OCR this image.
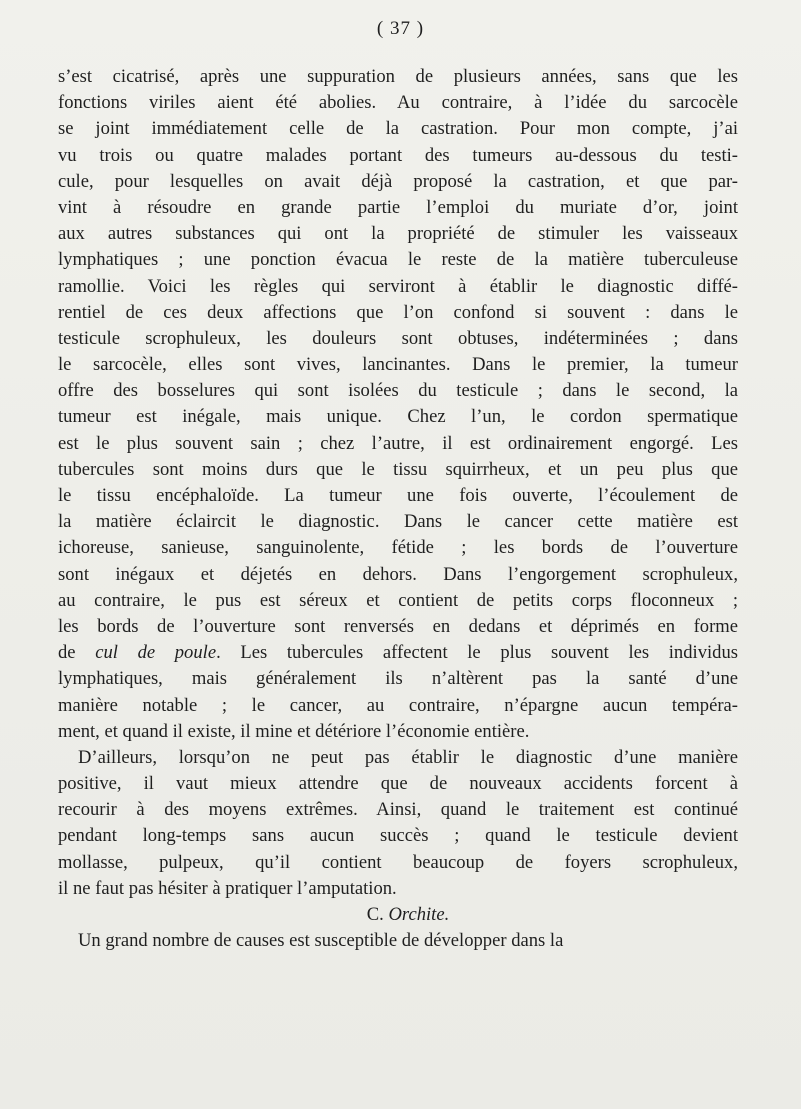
( 37 )
s’est cicatrisé, après une suppuration de plusieurs années, sans que les
fonctions viriles aient été abolies. Au contraire, à l’idée du sarcocèle
se joint immédiatement celle de la castration. Pour mon compte, j’ai
vu trois ou quatre malades portant des tumeurs au-dessous du testi-
cule, pour lesquelles on avait déjà proposé la castration, et que par-
vint à résoudre en grande partie l’emploi du muriate d’or, joint
aux autres substances qui ont la propriété de stimuler les vaisseaux
lymphatiques ; une ponction évacua le reste de la matière tuberculeuse
ramollie. Voici les règles qui serviront à établir le diagnostic diffé-
rentiel de ces deux affections que l’on confond si souvent : dans le
testicule scrophuleux, les douleurs sont obtuses, indéterminées ; dans
le sarcocèle, elles sont vives, lancinantes. Dans le premier, la tumeur
offre des bosselures qui sont isolées du testicule ; dans le second, la
tumeur est inégale, mais unique. Chez l’un, le cordon spermatique
est le plus souvent sain ; chez l’autre, il est ordinairement engorgé. Les
tubercules sont moins durs que le tissu squirrheux, et un peu plus que
le tissu encéphaloïde. La tumeur une fois ouverte, l’écoulement de
la matière éclaircit le diagnostic. Dans le cancer cette matière est
ichoreuse, sanieuse, sanguinolente, fétide ; les bords de l’ouverture
sont inégaux et déjetés en dehors. Dans l’engorgement scrophuleux,
au contraire, le pus est séreux et contient de petits corps floconneux ;
les bords de l’ouverture sont renversés en dedans et déprimés en forme
de cul de poule. Les tubercules affectent le plus souvent les individus
lymphatiques, mais généralement ils n’altèrent pas la santé d’une
manière notable ; le cancer, au contraire, n’épargne aucun tempéra-
ment, et quand il existe, il mine et détériore l’économie entière.
D’ailleurs, lorsqu’on ne peut pas établir le diagnostic d’une manière
positive, il vaut mieux attendre que de nouveaux accidents forcent à
recourir à des moyens extrêmes. Ainsi, quand le traitement est continué
pendant long-temps sans aucun succès ; quand le testicule devient
mollasse, pulpeux, qu’il contient beaucoup de foyers scrophuleux,
il ne faut pas hésiter à pratiquer l’amputation.
C. Orchite.
Un grand nombre de causes est susceptible de développer dans la
